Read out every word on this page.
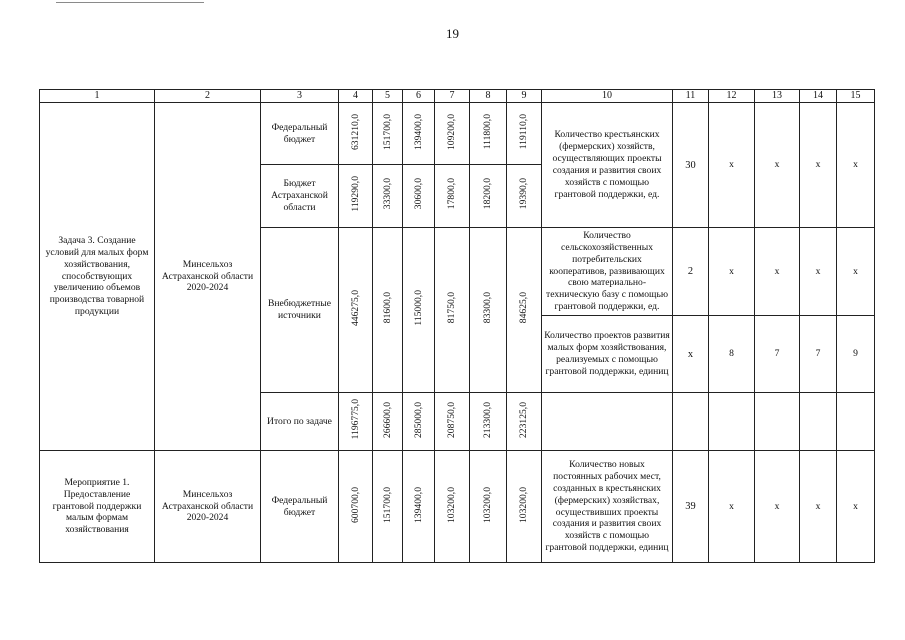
19
1	2	3	4	5	6	7	8	9	10	11	12	13	14	15
Задача 3. Создание условий для малых форм хозяйствования, способствующих увеличению объемов производства товарной продукции	Минсельхоз Астраханской области 2020-2024	Федеральный бюджет	631210,0	151700,0	139400,0	109200,0	111800,0	119110,0	Количество крестьянских (фермерских) хозяйств, осуществляющих проекты создания и развития своих хозяйств с помощью грантовой поддержки, ед.	30	х	х	х	х
		Бюджет Астраханской области	119290,0	33300,0	30600,0	17800,0	18200,0	19390,0						
		Внебюджетные источники	446275,0	81600,0	115000,0	81750,0	83300,0	84625,0	Количество сельскохозяйственных потребительских кооперативов, развивающих свою материально-техническую базу с помощью грантовой поддержки, ед.	2	х	х	х	х
									Количество проектов развития малых форм хозяйствования, реализуемых с помощью грантовой поддержки, единиц	х	8	7	7	9
		Итого по задаче	1196775,0	266600,0	285000,0	208750,0	213300,0	223125,0						

Мероприятие 1. Предоставление грантовой поддержки малым формам хозяйствования	Минсельхоз Астраханской области 2020-2024	Федеральный бюджет	600700,0	151700,0	139400,0	103200,0	103200,0	103200,0	Количество новых постоянных рабочих мест, созданных в крестьянских (фермерских) хозяйствах, осуществивших проекты создания и развития своих хозяйств с помощью грантовой поддержки, единиц	39	х	х	х	х
